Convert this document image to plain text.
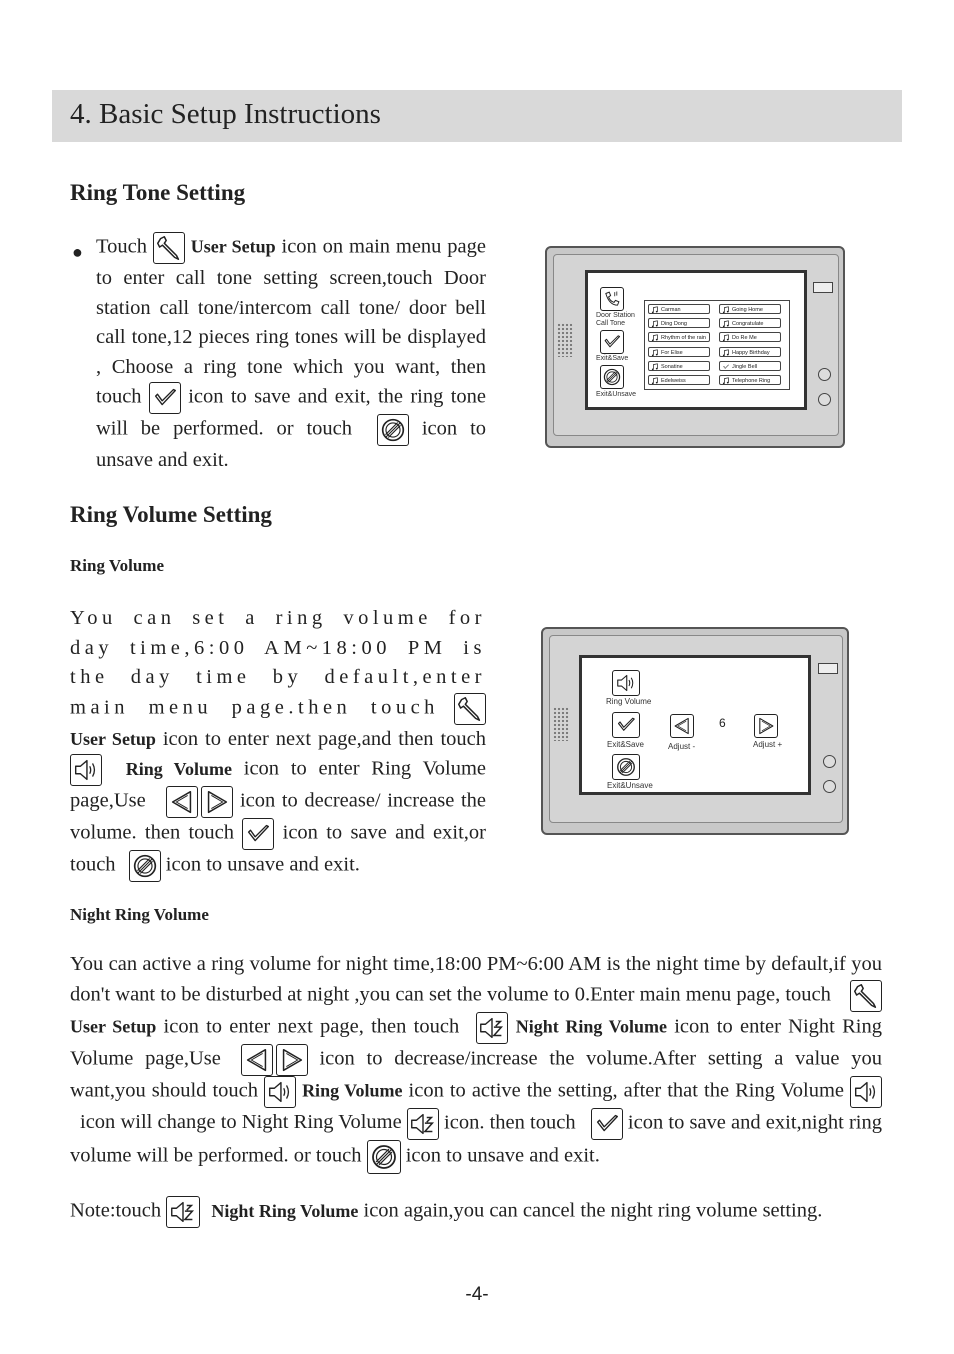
4. Basic Setup Instructions
Ring Tone Setting
● Touch User Setup icon on main menu page to enter call tone setting screen,touch Door station call tone/intercom call tone/ door bell call tone,12 pieces ring tones will be displayed , Choose a ring tone which you want, then touch icon to save and exit, the ring tone will be performed. or touch	icon to unsave and exit.
Door Station
Call Tone
Exit&Save
Exit&Unsave
Carman
Ding Dong
Rhythm of the rain
For Elise
Sonatine
Edelweiss
Going Home
Congratulate
Do Re Me
Happy Birthday
Jingle Bell
Telephone Ring
Ring Volume Setting
Ring Volume
You can set a ring volume for day time,6:00 AM~18:00 PM is the day time by default,enter main menu page.then touch
User Setup icon to enter next page,and then touch
Ring Volume icon to enter Ring Volume page,Use	icon to decrease/ increase the volume. then touch icon to save and exit,or touch icon to unsave and exit.
Ring Volume
Exit&Save
Exit&Unsave
Adjust -
6
Adjust +
Night Ring Volume
You can active a ring volume for night time,18:00 PM~6:00 AM is the night time by default,if you don't want to be disturbed at night ,you can set the volume to 0.Enter main menu page, touch
User Setup icon to enter next page, then touch	Night Ring Volume icon to enter Night Ring Volume page,Use	icon to decrease/increase the volume.After setting a value you want,you should touch Ring Volume icon to active the setting, after that the Ring Volume
icon will change to Night Ring Volume icon. then touch	icon to save and exit,night ring volume will be performed. or touch icon to unsave and exit.
Note:touch	Night Ring Volume icon again,you can cancel the night ring volume setting.
-4-
